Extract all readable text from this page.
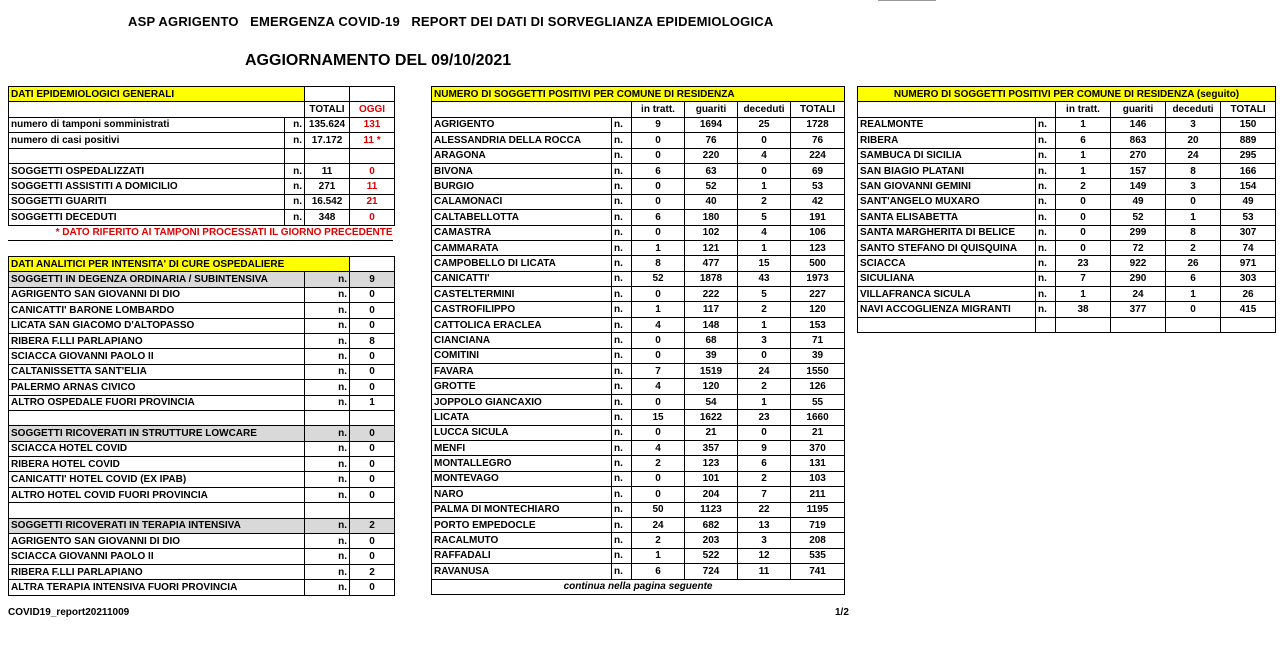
ASP AGRIGENTO   EMERGENZA COVID-19   REPORT DEI DATI DI SORVEGLIANZA EPIDEMIOLOGICA
AGGIORNAMENTO DEL 09/10/2021
DATI EPIDEMIOLOGICI GENERALI			
		TOTALI	OGGI
numero di tamponi somministrati	n.	135.624	131
numero di casi positivi	n.	17.172	11 *

SOGGETTI OSPEDALIZZATI	n.	11	0
SOGGETTI ASSISTITI A DOMICILIO	n.	271	11
SOGGETTI GUARITI	n.	16.542	21
SOGGETTI DECEDUTI	n.	348	0
* DATO RIFERITO AI TAMPONI PROCESSATI IL GIORNO PRECEDENTE			
DATI ANALITICI PER INTENSITA' DI CURE OSPEDALIERE		
SOGGETTI IN DEGENZA ORDINARIA / SUBINTENSIVA	n.	9
AGRIGENTO SAN GIOVANNI DI DIO	n.	0
CANICATTI' BARONE LOMBARDO	n.	0
LICATA SAN GIACOMO D'ALTOPASSO	n.	0
RIBERA F.LLI PARLAPIANO	n.	8
SCIACCA GIOVANNI PAOLO II	n.	0
CALTANISSETTA SANT'ELIA	n.	0
PALERMO ARNAS CIVICO	n.	0
ALTRO OSPEDALE FUORI PROVINCIA	n.	1

SOGGETTI RICOVERATI IN STRUTTURE LOWCARE	n.	0
SCIACCA HOTEL COVID	n.	0
RIBERA HOTEL COVID	n.	0
CANICATTI' HOTEL COVID (EX IPAB)	n.	0
ALTRO HOTEL COVID FUORI PROVINCIA	n.	0

SOGGETTI RICOVERATI IN TERAPIA INTENSIVA	n.	2
AGRIGENTO SAN GIOVANNI DI DIO	n.	0
SCIACCA GIOVANNI PAOLO II	n.	0
RIBERA F.LLI PARLAPIANO	n.	2
ALTRA TERAPIA INTENSIVA FUORI PROVINCIA	n.	0
NUMERO DI SOGGETTI POSITIVI PER COMUNE DI RESIDENZA					
		in tratt.	guariti	deceduti	TOTALI
AGRIGENTO	n.	9	1694	25	1728
ALESSANDRIA DELLA ROCCA	n.	0	76	0	76
ARAGONA	n.	0	220	4	224
BIVONA	n.	6	63	0	69
BURGIO	n.	0	52	1	53
CALAMONACI	n.	0	40	2	42
CALTABELLOTTA	n.	6	180	5	191
CAMASTRA	n.	0	102	4	106
CAMMARATA	n.	1	121	1	123
CAMPOBELLO DI LICATA	n.	8	477	15	500
CANICATTI'	n.	52	1878	43	1973
CASTELTERMINI	n.	0	222	5	227
CASTROFILIPPO	n.	1	117	2	120
CATTOLICA ERACLEA	n.	4	148	1	153
CIANCIANA	n.	0	68	3	71
COMITINI	n.	0	39	0	39
FAVARA	n.	7	1519	24	1550
GROTTE	n.	4	120	2	126
JOPPOLO GIANCAXIO	n.	0	54	1	55
LICATA	n.	15	1622	23	1660
LUCCA SICULA	n.	0	21	0	21
MENFI	n.	4	357	9	370
MONTALLEGRO	n.	2	123	6	131
MONTEVAGO	n.	0	101	2	103
NARO	n.	0	204	7	211
PALMA DI MONTECHIARO	n.	50	1123	22	1195
PORTO EMPEDOCLE	n.	24	682	13	719
RACALMUTO	n.	2	203	3	208
RAFFADALI	n.	1	522	12	535
RAVANUSA	n.	6	724	11	741
continua nella pagina seguente					
NUMERO DI SOGGETTI POSITIVI PER COMUNE DI RESIDENZA (seguito)					
		in tratt.	guariti	deceduti	TOTALI
REALMONTE	n.	1	146	3	150
RIBERA	n.	6	863	20	889
SAMBUCA DI SICILIA	n.	1	270	24	295
SAN BIAGIO PLATANI	n.	1	157	8	166
SAN GIOVANNI GEMINI	n.	2	149	3	154
SANT'ANGELO MUXARO	n.	0	49	0	49
SANTA ELISABETTA	n.	0	52	1	53
SANTA MARGHERITA DI BELICE	n.	0	299	8	307
SANTO STEFANO DI QUISQUINA	n.	0	72	2	74
SCIACCA	n.	23	922	26	971
SICULIANA	n.	7	290	6	303
VILLAFRANCA SICULA	n.	1	24	1	26
NAVI ACCOGLIENZA MIGRANTI	n.	38	377	0	415

COVID19_report20211009	1/2
